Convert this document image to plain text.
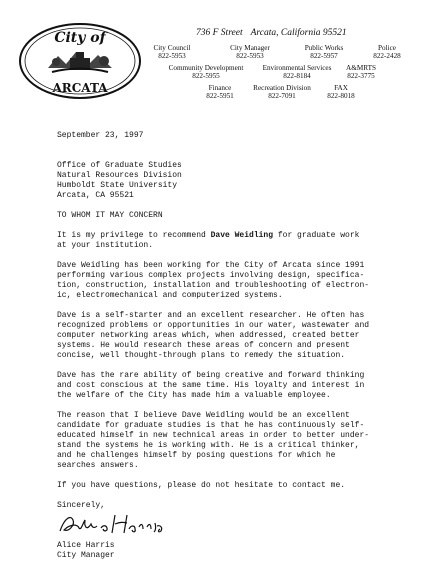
City of
ARCATA
736 F Street Arcata, California 95521
City Council
822-5953
City Manager
822-5953
Public Works
822-5957
Police
822-2428
Community Development
822-5955
Environmental Services
822-8184
A&MRTS
822-3775
Finance
822-5951
Recreation Division
822-7091
FAX
822-8018

September 23, 1997

Office of Graduate Studies

Natural Resources Division

Humboldt State University

Arcata, CA 95521

TO WHOM IT MAY CONCERN

It is my privilege to recommend Dave Weidling for graduate work
at your institution.

Dave Weidling has been working for the City of Arcata since 1991
performing various complex projects involving design, specifica-
tion, construction, installation and troubleshooting of electron-
ic, electromechanical and computerized systems.

Dave is a self-starter and an excellent researcher. He often has
recognized problems or opportunities in our water, wastewater and
computer networking areas which, when addressed, created better
systems. He would research these areas of concern and present
concise, well thought-through plans to remedy the situation.

Dave has the rare ability of being creative and forward thinking
and cost conscious at the same time. His loyalty and interest in
the welfare of the City has made him a valuable employee.

The reason that I believe Dave Weidling would be an excellent
candidate for graduate studies is that he has continuously self-
educated himself in new technical areas in order to better under-
stand the systems he is working with. He is a critical thinker,
and he challenges himself by posing questions for which he
searches answers.

If you have questions, please do not hesitate to contact me.

Sincerely,

Alice Harris

City Manager
